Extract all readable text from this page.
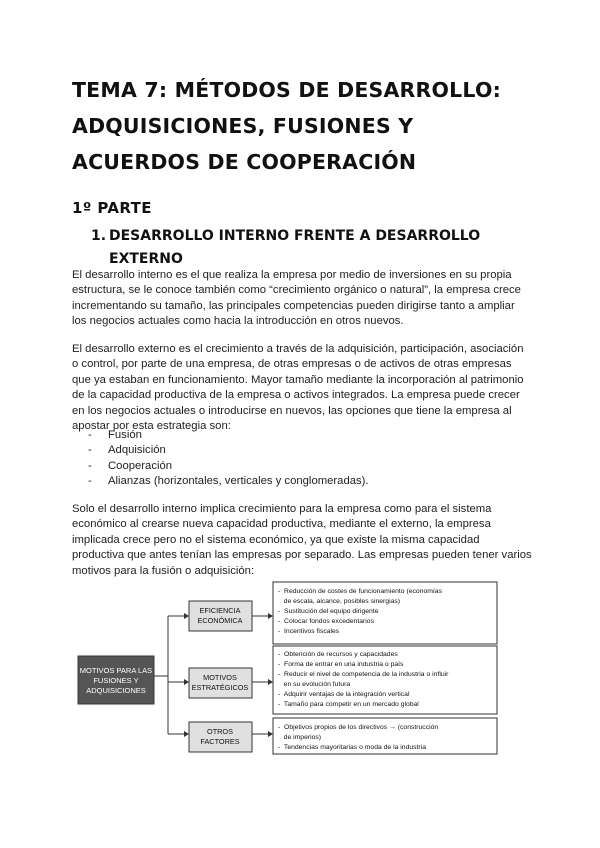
TEMA 7: MÉTODOS DE DESARROLLO: ADQUISICIONES, FUSIONES Y ACUERDOS DE COOPERACIÓN
1º PARTE
1. DESARROLLO INTERNO FRENTE A DESARROLLO EXTERNO

El desarrollo interno es el que realiza la empresa por medio de inversiones en su propia estructura, se le conoce también como “crecimiento orgánico o natural”, la empresa crece incrementando su tamaño, las principales competencias pueden dirigirse tanto a ampliar los negocios actuales como hacia la introducción en otros nuevos.

El desarrollo externo es el crecimiento a través de la adquisición, participación, asociación o control, por parte de una empresa, de otras empresas o de activos de otras empresas que ya estaban en funcionamiento. Mayor tamaño mediante la incorporación al patrimonio de la capacidad productiva de la empresa o activos integrados. La empresa puede crecer en los negocios actuales o introducirse en nuevos, las opciones que tiene la empresa al apostar por esta estrategia son:

- Fusión
- Adquisición
- Cooperación
- Alianzas (horizontales, verticales y conglomeradas).

Solo el desarrollo interno implica crecimiento para la empresa como para el sistema económico al crearse nueva capacidad productiva, mediante el externo, la empresa implicada crece pero no el sistema económico, ya que existe la misma capacidad productiva que antes tenían las empresas por separado. Las empresas pueden tener varios motivos para la fusión o adquisición:

MOTIVOS PARA LAS
FUSIONES Y
ADQUISICIONES
EFICIENCIA
ECONÓMICA
MOTIVOS
ESTRATÉGICOS
OTROS
FACTORES
-  Reducción de costes de funcionamiento (economías
de escala, alcance, posibles sinergias)
-  Sustitución del equipo dirigente
-  Colocar fondos excedentarios
-  Incentivos fiscales
-  Obtención de recursos y capacidades
-  Forma de entrar en una industria o país
-  Reducir el nivel de competencia de la industria o influir
en su evolución futura
-  Adquirir ventajas de la integración vertical
-  Tamaño para competir en un mercado global
-  Objetivos propios de los directivos → (construcción
de imperios)
-  Tendencias mayoritarias o moda de la industria
